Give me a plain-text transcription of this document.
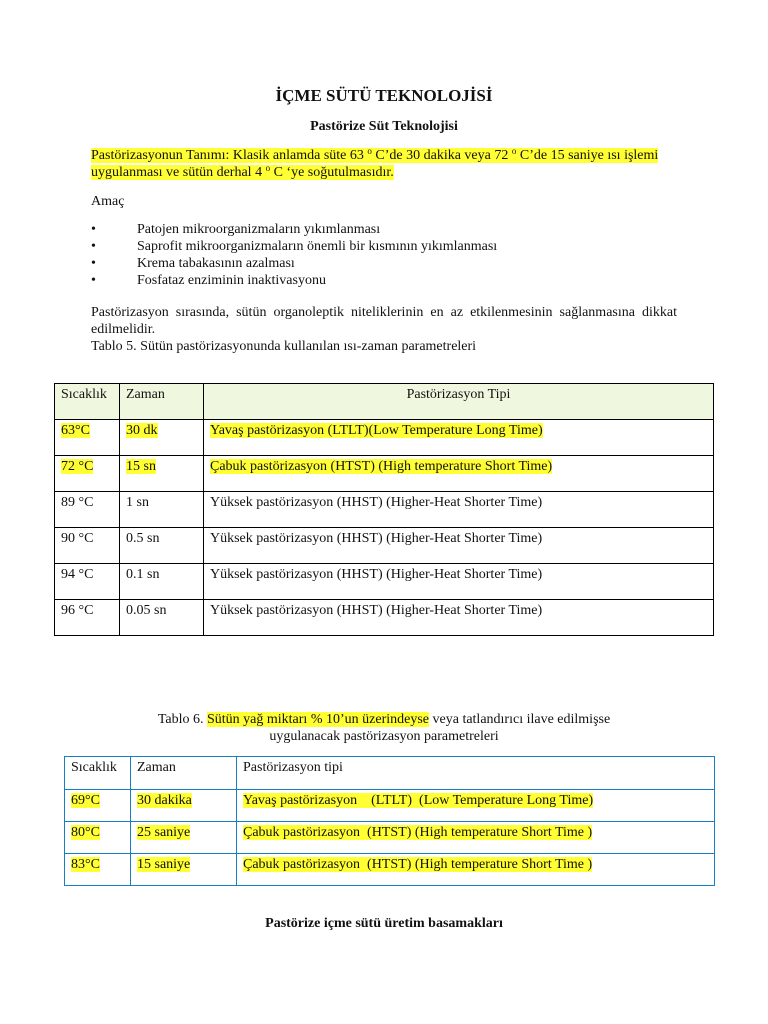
İÇME SÜTÜ TEKNOLOJİSİ
Pastörize Süt Teknolojisi
Pastörizasyonun Tanımı: Klasik anlamda süte 63 $^o$ C’de 30 dakika veya 72 $^o$ C’de 15 saniye ısı işlemi uygulanması ve sütün derhal 4 $^o$ C ‘ye soğutulmasıdır.
Amaç
•	Patojen mikroorganizmaların yıkımlanması
•	Saprofit mikroorganizmaların önemli bir kısmının yıkımlanması
•	Krema tabakasının azalması
•	Fosfataz enziminin inaktivasyonu
Pastörizasyon sırasında, sütün organoleptik niteliklerinin en az etkilenmesinin sağlanmasına dikkat edilmelidir.
Tablo 5. Sütün pastörizasyonunda kullanılan ısı-zaman parametreleri
Sıcaklık	Zaman	Pastörizasyon Tipi
63°C	30 dk	Yavaş pastörizasyon (LTLT)(Low Temperature Long Time)
72 °C	15 sn	Çabuk pastörizasyon (HTST) (High temperature Short Time)
89 °C	1 sn	Yüksek pastörizasyon (HHST) (Higher-Heat Shorter Time)
90 °C	0.5 sn	Yüksek pastörizasyon (HHST) (Higher-Heat Shorter Time)
94 °C	0.1 sn	Yüksek pastörizasyon (HHST) (Higher-Heat Shorter Time)
96 °C	0.05 sn	Yüksek pastörizasyon (HHST) (Higher-Heat Shorter Time)
Tablo 6. Sütün yağ miktarı % 10’un üzerindeyse veya tatlandırıcı ilave edilmişse
uygulanacak pastörizasyon parametreleri
Sıcaklık	Zaman	Pastörizasyon tipi
69°C	30 dakika	Yavaş pastörizasyon    (LTLT)  (Low Temperature Long Time)
80°C	25 saniye	Çabuk pastörizasyon  (HTST) (High temperature Short Time )
83°C	15 saniye	Çabuk pastörizasyon  (HTST) (High temperature Short Time )
Pastörize içme sütü üretim basamakları
